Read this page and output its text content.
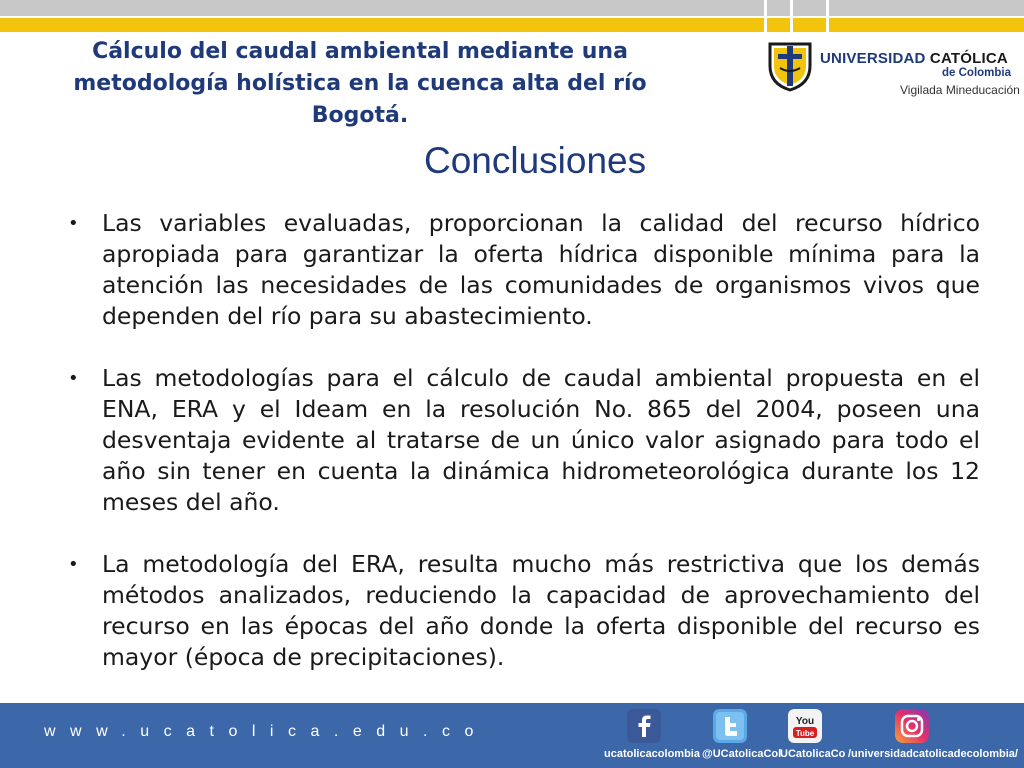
Cálculo del caudal ambiental mediante una
metodología holística en la cuenca alta del río
Bogotá.
UNIVERSIDAD CATÓLICA
de Colombia
Vigilada Mineducación
Conclusiones
• Las variables evaluadas, proporcionan la calidad del recurso hídrico apropiada para garantizar la oferta hídrica disponible mínima para la atención las necesidades de las comunidades de organismos vivos que dependen del río para su abastecimiento.
• Las metodologías para el cálculo de caudal ambiental propuesta en el ENA, ERA y el Ideam en la resolución No. 865 del 2004, poseen una desventaja evidente al tratarse de un único valor asignado para todo el año sin tener en cuenta la dinámica hidrometeorológica durante los 12 meses del año.
• La metodología del ERA, resulta mucho más restrictiva que los demás métodos analizados, reduciendo la capacidad de aprovechamiento del recurso en las épocas del año donde la oferta disponible del recurso es mayor (época de precipitaciones).
www.ucatolica.edu.co
ucatolicacolombia @UCatolicaCol
You
Tube
UCatolicaCo /universidadcatolicadecolombia/
